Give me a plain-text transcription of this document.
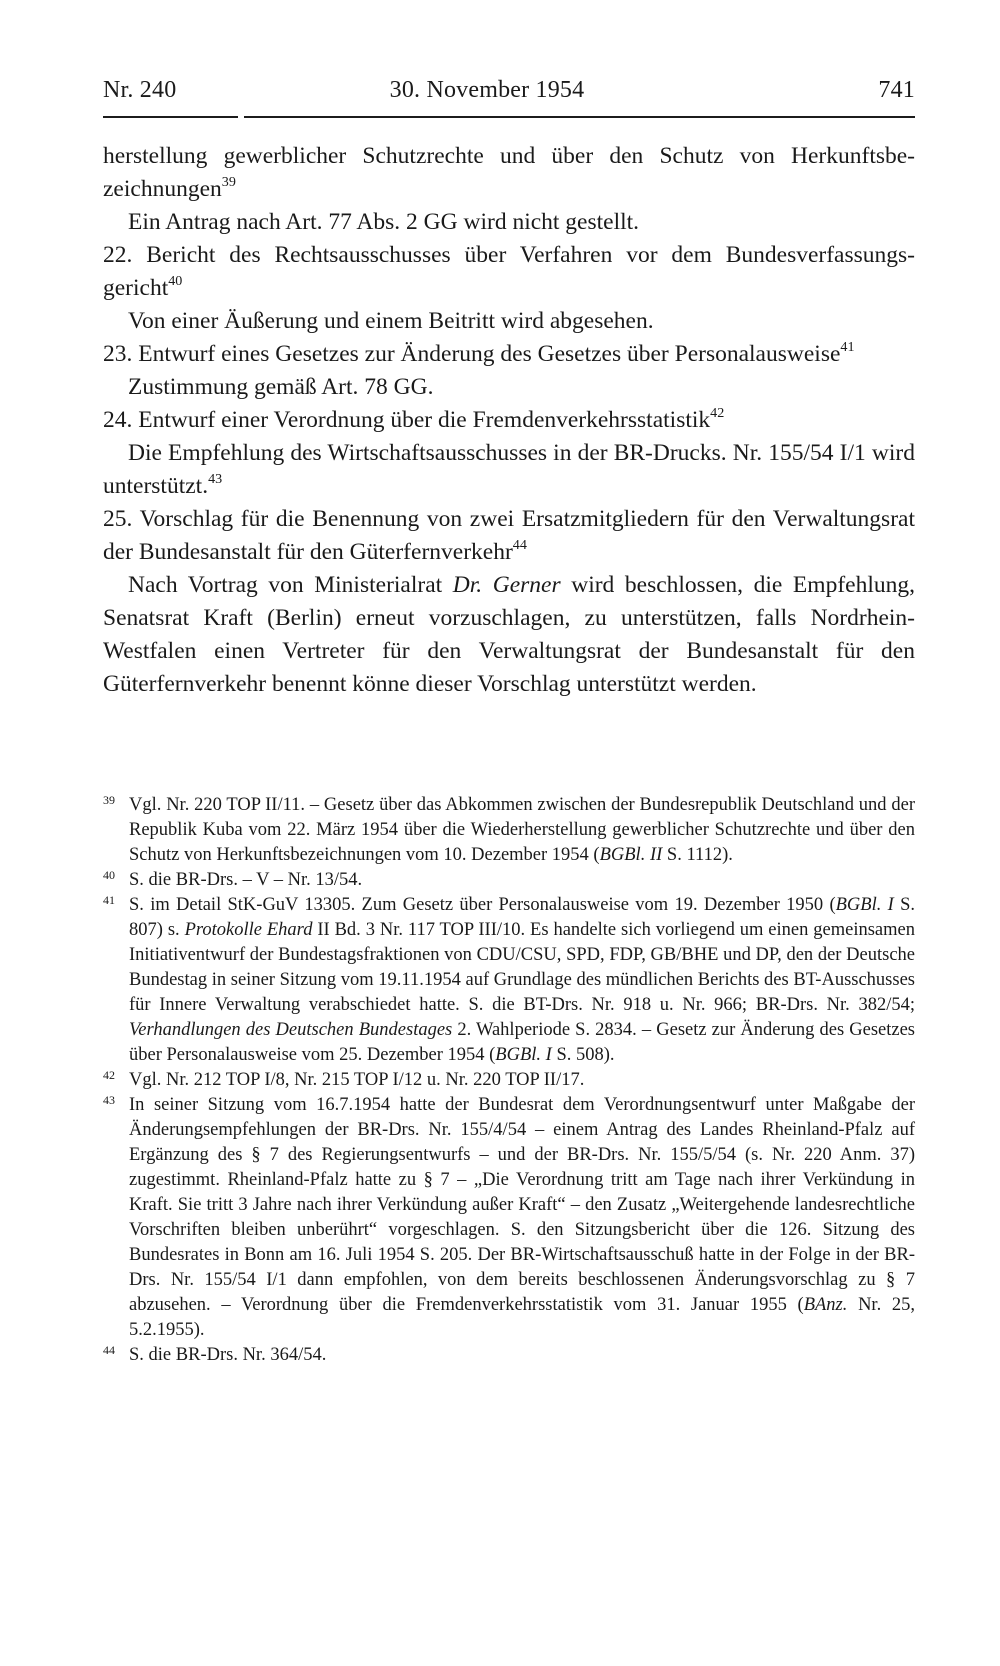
Nr. 240	30. November 1954	741

herstellung gewerblicher Schutzrechte und über den Schutz von Herkunftsbezeichnungen$^{39}$

Ein Antrag nach Art. 77 Abs. 2 GG wird nicht gestellt.

22. Bericht des Rechtsausschusses über Verfahren vor dem Bundesverfassungsgericht$^{40}$

Von einer Äußerung und einem Beitritt wird abgesehen.

23. Entwurf eines Gesetzes zur Änderung des Gesetzes über Personalausweise$^{41}$

Zustimmung gemäß Art. 78 GG.

24. Entwurf einer Verordnung über die Fremdenverkehrsstatistik$^{42}$

Die Empfehlung des Wirtschaftsausschusses in der BR-Drucks. Nr. 155/54 I/1 wird unterstützt.$^{43}$

25. Vorschlag für die Benennung von zwei Ersatzmitgliedern für den Verwaltungsrat der Bundesanstalt für den Güterfernverkehr$^{44}$

Nach Vortrag von Ministerialrat Dr. Gerner wird beschlossen, die Empfehlung, Senatsrat Kraft (Berlin) erneut vorzuschlagen, zu unterstützen, falls Nordrhein-Westfalen einen Vertreter für den Verwaltungsrat der Bundesanstalt für den Güterfernverkehr benennt könne dieser Vorschlag unterstützt werden.

39 Vgl. Nr. 220 TOP II/11. – Gesetz über das Abkommen zwischen der Bundesrepublik Deutschland und der Republik Kuba vom 22. März 1954 über die Wiederherstellung gewerblicher Schutzrechte und über den Schutz von Herkunftsbezeichnungen vom 10. Dezember 1954 (BGBl. II S. 1112).
40 S. die BR-Drs. – V – Nr. 13/54.
41 S. im Detail StK-GuV 13305. Zum Gesetz über Personalausweise vom 19. Dezember 1950 (BGBl. I S. 807) s. Protokolle Ehard II Bd. 3 Nr. 117 TOP III/10. Es handelte sich vorliegend um einen gemeinsamen Initiativentwurf der Bundestagsfraktionen von CDU/CSU, SPD, FDP, GB/BHE und DP, den der Deutsche Bundestag in seiner Sitzung vom 19.11.1954 auf Grundlage des mündlichen Berichts des BT-Ausschusses für Innere Verwaltung verabschiedet hatte. S. die BT-Drs. Nr. 918 u. Nr. 966; BR-Drs. Nr. 382/54; Verhandlungen des Deutschen Bundestages 2. Wahlperiode S. 2834. – Gesetz zur Änderung des Gesetzes über Personalausweise vom 25. Dezember 1954 (BGBl. I S. 508).
42 Vgl. Nr. 212 TOP I/8, Nr. 215 TOP I/12 u. Nr. 220 TOP II/17.
43 In seiner Sitzung vom 16.7.1954 hatte der Bundesrat dem Verordnungsentwurf unter Maßgabe der Änderungsempfehlungen der BR-Drs. Nr. 155/4/54 – einem Antrag des Landes Rheinland-Pfalz auf Ergänzung des § 7 des Regierungsentwurfs – und der BR-Drs. Nr. 155/5/54 (s. Nr. 220 Anm. 37) zugestimmt. Rheinland-Pfalz hatte zu § 7 – „Die Verordnung tritt am Tage nach ihrer Verkündung in Kraft. Sie tritt 3 Jahre nach ihrer Verkündung außer Kraft“ – den Zusatz „Weitergehende landesrechtliche Vorschriften bleiben unberührt“ vorgeschlagen. S. den Sitzungsbericht über die 126. Sitzung des Bundesrates in Bonn am 16. Juli 1954 S. 205. Der BR-Wirtschaftsausschuß hatte in der Folge in der BR-Drs. Nr. 155/54 I/1 dann empfohlen, von dem bereits beschlossenen Änderungsvorschlag zu § 7 abzusehen. – Verordnung über die Fremdenverkehrsstatistik vom 31. Januar 1955 (BAnz. Nr. 25, 5.2.1955).
44 S. die BR-Drs. Nr. 364/54.
